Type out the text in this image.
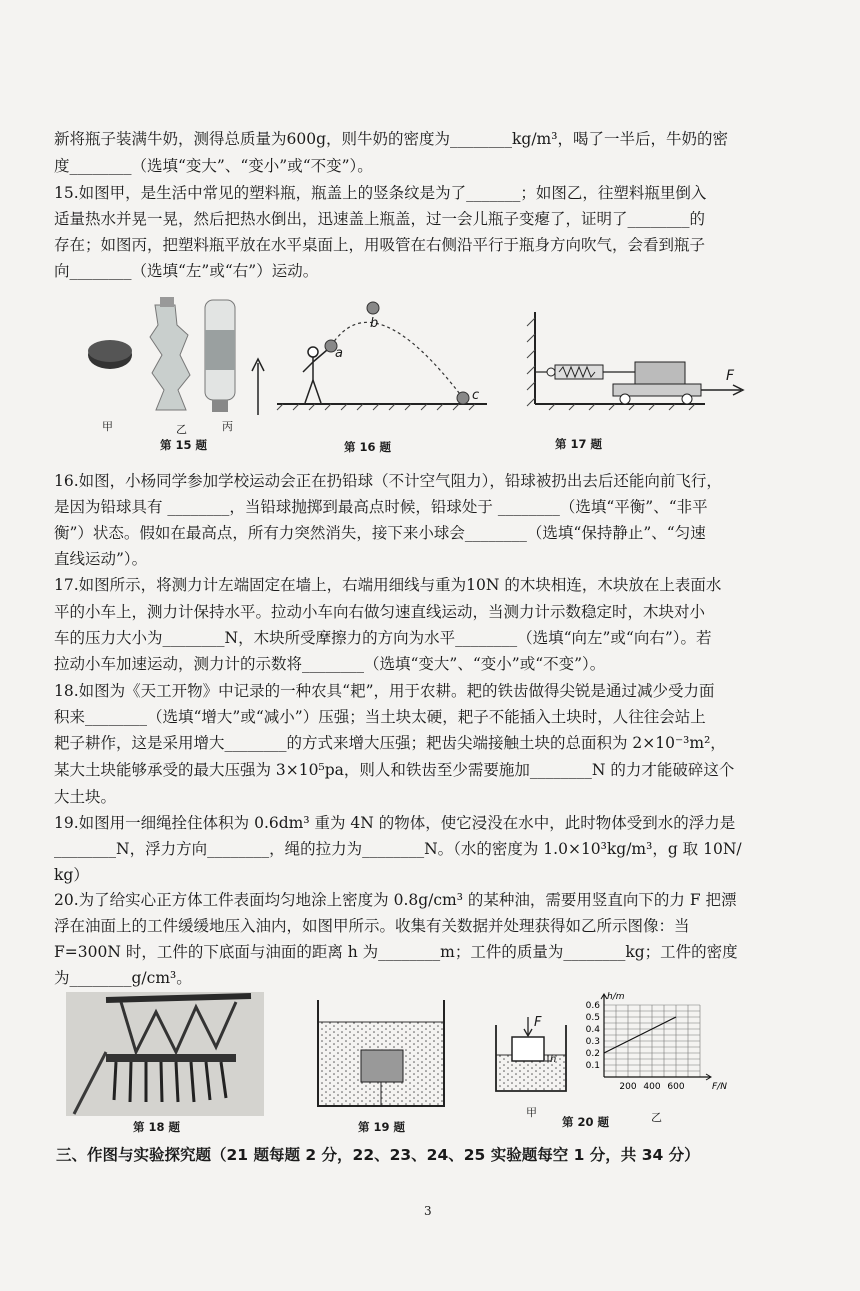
新将瓶子装满牛奶，测得总质量为600g，则牛奶的密度为________kg/m³，喝了一半后，牛奶的密
度________（选填“变大”、“变小”或“不变”）。
15.如图甲，是生活中常见的塑料瓶，瓶盖上的竖条纹是为了_______；如图乙，往塑料瓶里倒入
适量热水并晃一晃，然后把热水倒出，迅速盖上瓶盖，过一会儿瓶子变瘪了，证明了________的
存在；如图丙，把塑料瓶平放在水平桌面上，用吸管在右侧沿平行于瓶身方向吹气，会看到瓶子
向________（选填“左”或“右”）运动。
甲	乙	丙
第 15 题
a
b
c
第 16 题
F
第 17 题
16.如图，小杨同学参加学校运动会正在扔铅球（不计空气阻力），铅球被扔出去后还能向前飞行，
是因为铅球具有 ________，当铅球抛掷到最高点时候，铅球处于 ________（选填“平衡”、“非平
衡”）状态。假如在最高点，所有力突然消失，接下来小球会________（选填“保持静止”、“匀速
直线运动”）。
17.如图所示，将测力计左端固定在墙上，右端用细线与重为10N 的木块相连，木块放在上表面水
平的小车上，测力计保持水平。拉动小车向右做匀速直线运动，当测力计示数稳定时，木块对小
车的压力大小为________N，木块所受摩擦力的方向为水平________（选填“向左”或“向右”）。若
拉动小车加速运动，测力计的示数将________（选填“变大”、“变小”或“不变”）。
18.如图为《天工开物》中记录的一种农具“耙”，用于农耕。耙的铁齿做得尖锐是通过减少受力面
积来________（选填“增大”或“减小”）压强；当土块太硬，耙子不能插入土块时，人往往会站上
耙子耕作，这是采用增大________的方式来增大压强；耙齿尖端接触土块的总面积为 2×10⁻³m²，
某大土块能够承受的最大压强为 3×10⁵pa，则人和铁齿至少需要施加________N 的力才能破碎这个
大土块。
19.如图用一细绳拴住体积为 0.6dm³ 重为 4N 的物体，使它浸没在水中，此时物体受到水的浮力是
________N，浮力方向________，绳的拉力为________N。（水的密度为 1.0×10³kg/m³，g 取 10N/
kg）
20.为了给实心正方体工件表面均匀地涂上密度为 0.8g/cm³ 的某种油，需要用竖直向下的力 F 把漂
浮在油面上的工件缓缓地压入油内，如图甲所示。收集有关数据并处理获得如乙所示图像：当
F=300N 时，工件的下底面与油面的距离 h 为________m；工件的质量为________kg；工件的密度
为________g/cm³。
第 18 题	第 19 题
F
h
甲
0.1
0.2
0.3
0.4
0.5
0.6
200 400 600	F/N
h/m
乙
第 20 题
三、作图与实验探究题（21 题每题 2 分，22、23、24、25 实验题每空 1 分，共 34 分）
3
